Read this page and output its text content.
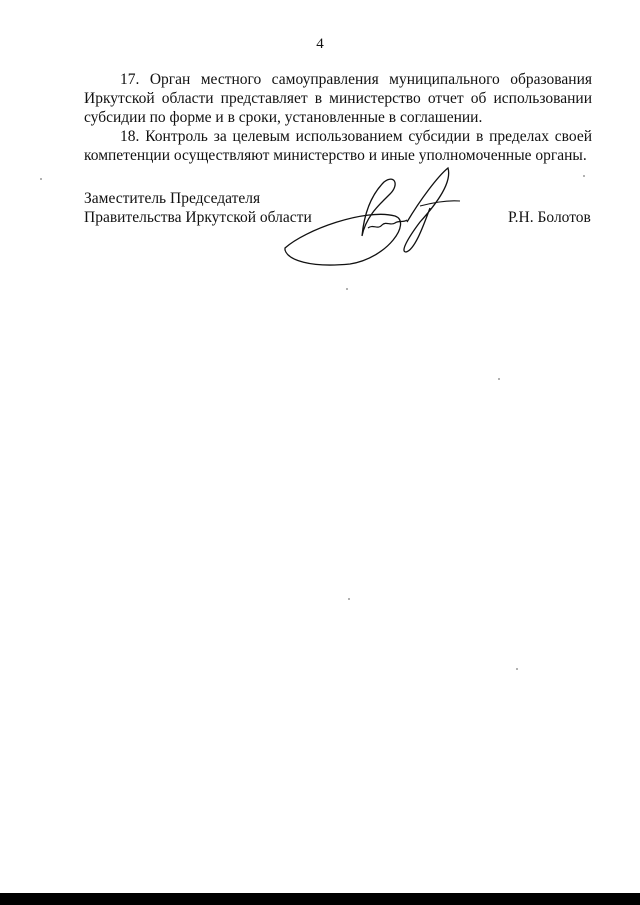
4

17. Орган местного самоуправления муниципального образования Иркутской области представляет в министерство отчет об использовании субсидии по форме и в сроки, установленные в соглашении.

18. Контроль за целевым использованием субсидии в пределах своей компетенции осуществляют министерство и иные уполномоченные органы.

Заместитель Председателя
Правительства Иркутской области	Р.Н. Болотов
